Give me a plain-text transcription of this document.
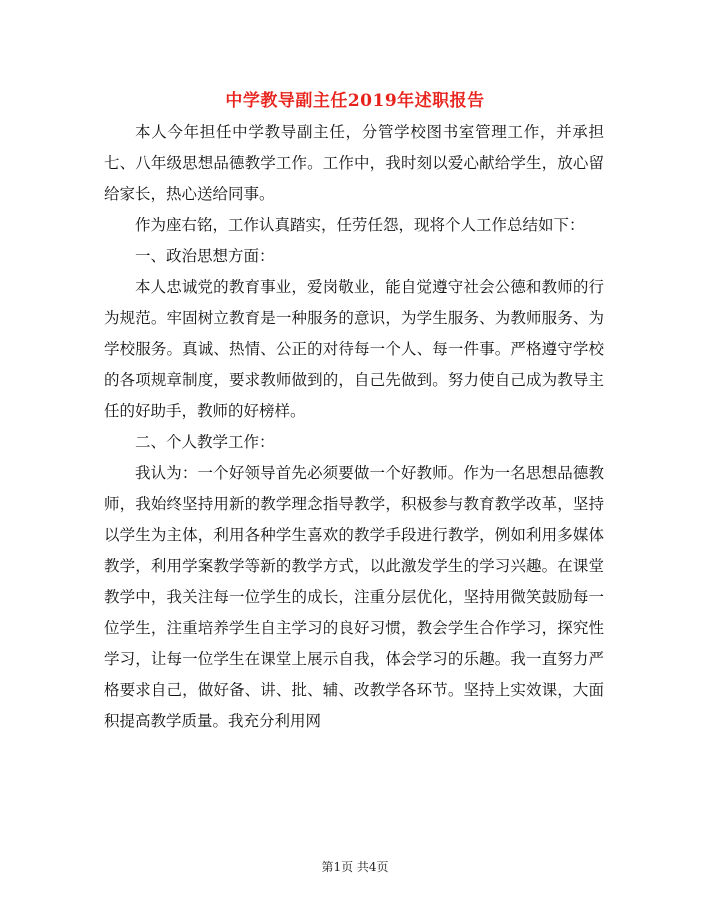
中学教导副主任2019年述职报告

本人今年担任中学教导副主任，分管学校图书室管理工作，并承担七、八年级思想品德教学工作。工作中，我时刻以爱心献给学生，放心留给家长，热心送给同事。

作为座右铭，工作认真踏实，任劳任怨，现将个人工作总结如下：

一、政治思想方面：

本人忠诚党的教育事业，爱岗敬业，能自觉遵守社会公德和教师的行为规范。牢固树立教育是一种服务的意识，为学生服务、为教师服务、为学校服务。真诚、热情、公正的对待每一个人、每一件事。严格遵守学校的各项规章制度，要求教师做到的，自己先做到。努力使自己成为教导主任的好助手，教师的好榜样。

二、个人教学工作：

我认为：一个好领导首先必须要做一个好教师。作为一名思想品德教师，我始终坚持用新的教学理念指导教学，积极参与教育教学改革，坚持以学生为主体，利用各种学生喜欢的教学手段进行教学，例如利用多媒体教学，利用学案教学等新的教学方式，以此激发学生的学习兴趣。在课堂教学中，我关注每一位学生的成长，注重分层优化，坚持用微笑鼓励每一位学生，注重培养学生自主学习的良好习惯，教会学生合作学习，探究性学习，让每一位学生在课堂上展示自我，体会学习的乐趣。我一直努力严格要求自己，做好备、讲、批、辅、改教学各环节。坚持上实效课，大面积提高教学质量。我充分利用网

第1页 共4页
